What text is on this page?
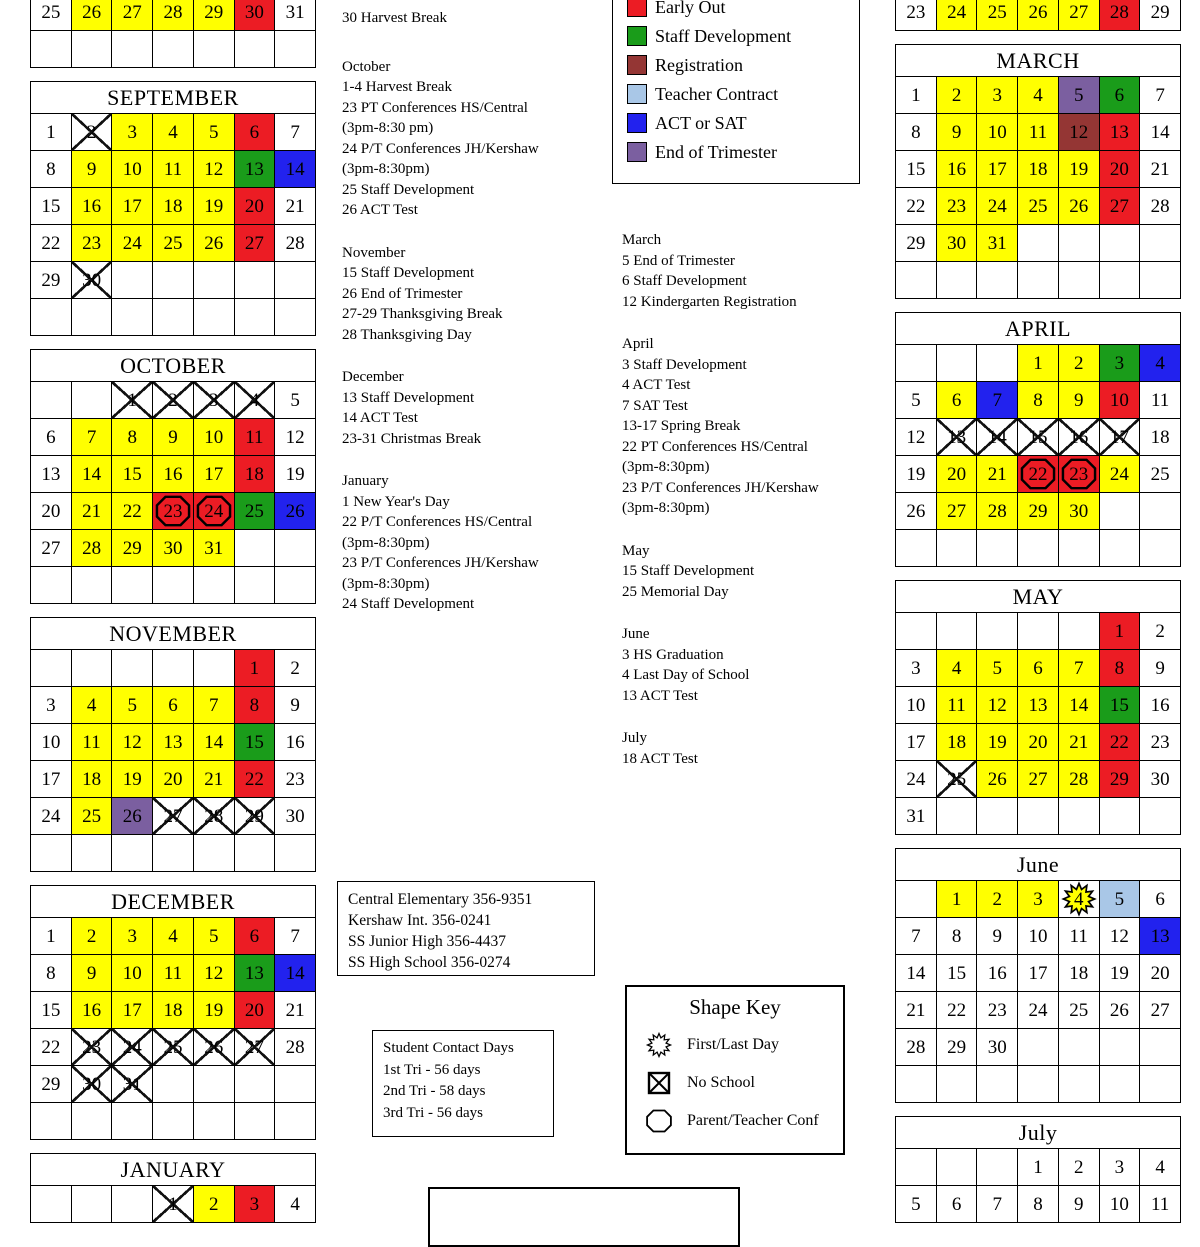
25 26 27 28 29 30 31
SEPTEMBER
1 2 3 4 5 6 7
8 9 10 11 12 13 14
15 16 17 18 19 20 21
22 23 24 25 26 27 28
29 30
OCTOBER
1 2 3 4 5
6 7 8 9 10 11 12
13 14 15 16 17 18 19
20 21 22 23 24 25 26
27 28 29 30 31
NOVEMBER
1 2
3 4 5 6 7 8 9
10 11 12 13 14 15 16
17 18 19 20 21 22 23
24 25 26 27 28 29 30
DECEMBER
1 2 3 4 5 6 7
8 9 10 11 12 13 14
15 16 17 18 19 20 21
22 23 24 25 26 27 28
29 30 31
JANUARY
1 2 3 4
23 24 25 26 27 28 29
MARCH
1 2 3 4 5 6 7
8 9 10 11 12 13 14
15 16 17 18 19 20 21
22 23 24 25 26 27 28
29 30 31
APRIL
1 2 3 4
5 6 7 8 9 10 11
12 13 14 15 16 17 18
19 20 21 22 23 24 25
26 27 28 29 30
MAY
1 2
3 4 5 6 7 8 9
10 11 12 13 14 15 16
17 18 19 20 21 22 23
24 25 26 27 28 29 30
31
June
1 2 3 4 5 6
7 8 9 10 11 12 13
14 15 16 17 18 19 20
21 22 23 24 25 26 27
28 29 30
July
1 2 3 4
5 6 7 8 9 10 11
Early Out
Staff Development
Registration
Teacher Contract
ACT or SAT
End of Trimester
30 Harvest Break
October
1-4 Harvest Break
23 PT Conferences HS/Central
(3pm-8:30 pm)
24 P/T Conferences JH/Kershaw
(3pm-8:30pm)
25 Staff Development
26 ACT Test
November
15 Staff Development
26 End of Trimester
27-29 Thanksgiving Break
28 Thanksgiving Day
December
13 Staff Development
14 ACT Test
23-31 Christmas Break
January
1 New Year's Day
22 P/T Conferences HS/Central
(3pm-8:30pm)
23 P/T Conferences JH/Kershaw
(3pm-8:30pm)
24 Staff Development
March
5 End of Trimester
6 Staff Development
12 Kindergarten Registration
April
3 Staff Development
4 ACT Test
7 SAT Test
13-17 Spring Break
22 PT Conferences HS/Central
(3pm-8:30pm)
23 P/T Conferences JH/Kershaw
(3pm-8:30pm)
May
15 Staff Development
25 Memorial Day
June
3 HS Graduation
4 Last Day of School
13 ACT Test
July
18 ACT Test
Central Elementary 356-9351
Kershaw Int. 356-0241
SS Junior High 356-4437
SS High School 356-0274
Student Contact Days
1st Tri - 56 days
2nd Tri - 58 days
3rd Tri - 56 days
Shape Key
First/Last Day
No School
Parent/Teacher Conf
